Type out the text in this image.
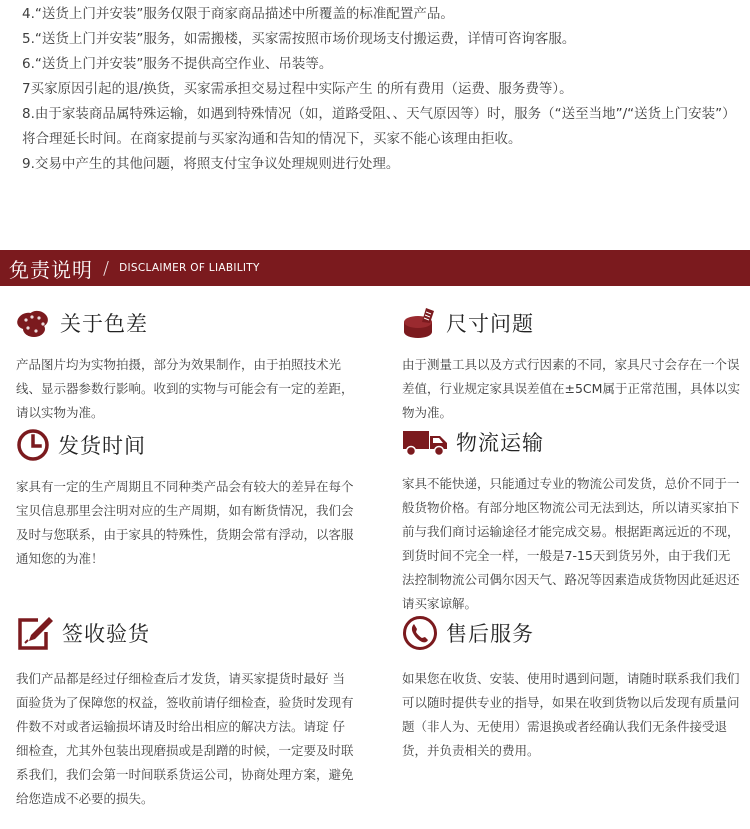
4.“送货上门并安装”服务仅限于商家商品描述中所覆盖的标准配置产品。

5.“送货上门并安装”服务，如需搬楼，买家需按照市场价现场支付搬运费，详情可咨询客服。

6.“送货上门并安装”服务不提供高空作业、吊装等。

7买家原因引起的退/换货，买家需承担交易过程中实际产生 的所有费用（运费、服务费等）。

8.由于家装商品属特殊运输，如遇到特殊情况（如，道路受阻、、天气原因等）时，服务（“送至当地”/“送货上门安装”）将合理延长时间。在商家提前与买家沟通和告知的情况下，买家不能心该理由拒收。

9.交易中产生的其他问题，将照支付宝争议处理规则进行处理。

免责说明 / DISCLAIMER OF LIABILITY
关于色差
产品图片均为实物拍摄，部分为效果制作，由于拍照技术光线、显示器参数行影响。收到的实物与可能会有一定的差距，请以实物为准。
尺寸问题
由于测量工具以及方式行因素的不同，家具尺寸会存在一个误差值，行业规定家具误差值在±5CM属于正常范围，具体以实物为准。
发货时间
家具有一定的生产周期且不同种类产品会有较大的差异在每个宝贝信息那里会注明对应的生产周期，如有断货情况，我们会及时与您联系，由于家具的特殊性，货期会常有浮动，以客服通知您的为准！
物流运输
家具不能快递，只能通过专业的物流公司发货，总价不同于一般货物价格。有部分地区物流公司无法到达，所以请买家拍下前与我们商讨运输途径才能完成交易。根据距离远近的不现，到货时间不完全一样，一般是7-15天到货另外，由于我们无法控制物流公司偶尔因天气、路况等因素造成货物因此延迟还请买家谅解。
签收验货
我们产品都是经过仔细检查后才发货，请买家提货时最好 当面验货为了保障您的权益，签收前请仔细检查，验货时发现有件数不对或者运输损坏请及时给出相应的解决方法。请琔 仔细检查，尤其外包装出现磨损或是刮蹭的时候，一定要及时联系我们，我们会第一时间联系货运公司，协商处理方案，避免给您造成不必要的损失。
售后服务
如果您在收货、安装、使用时遇到问题，请随时联系我们我们可以随时提供专业的指导，如果在收到货物以后发现有质量问题（非人为、无使用）需退换或者经确认我们无条件接受退货，并负责相关的费用。
